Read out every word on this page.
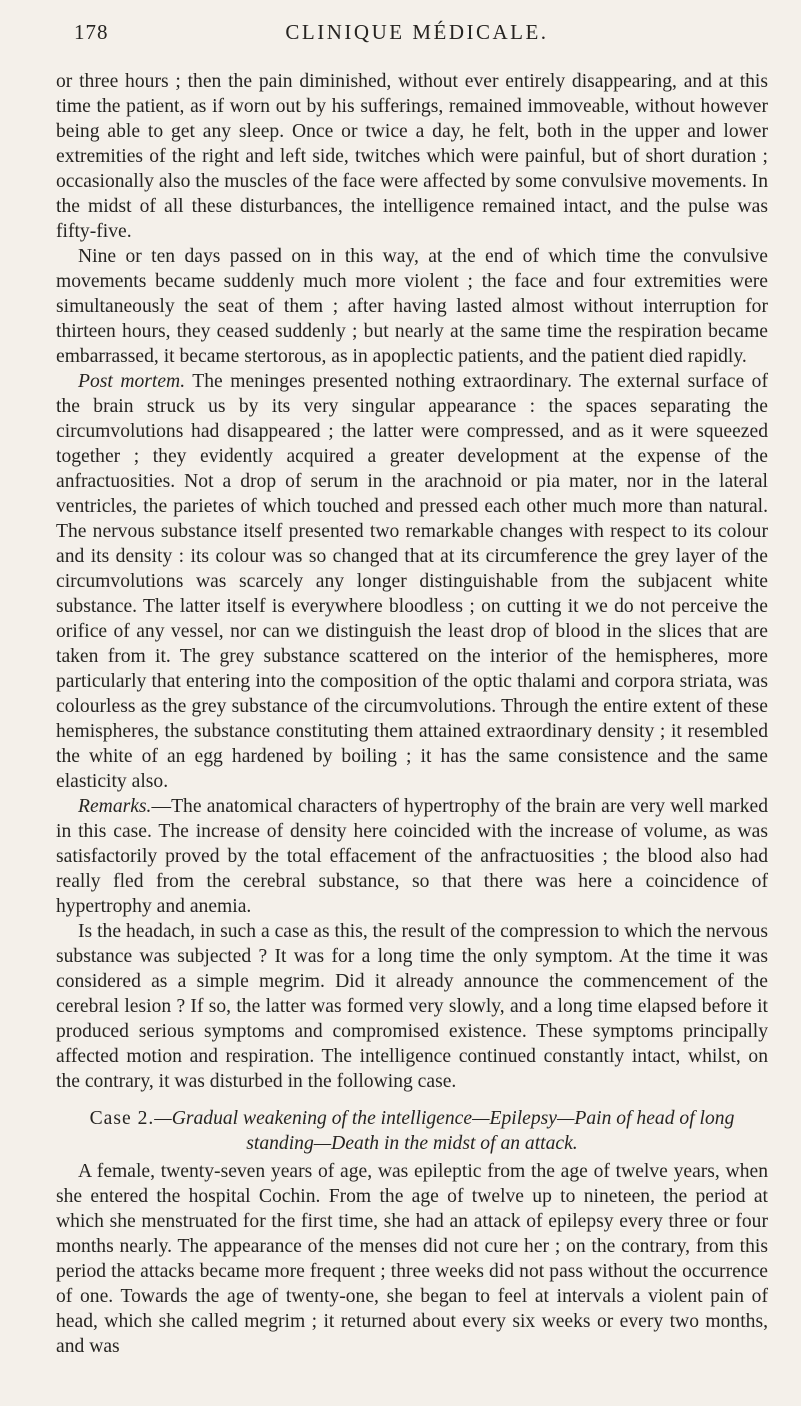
178	CLINIQUE MÉDICALE.

or three hours ; then the pain diminished, without ever entirely disappearing, and at this time the patient, as if worn out by his sufferings, remained immoveable, without however being able to get any sleep. Once or twice a day, he felt, both in the upper and lower extremities of the right and left side, twitches which were painful, but of short duration ; occasionally also the muscles of the face were affected by some convulsive movements. In the midst of all these disturbances, the intelligence remained intact, and the pulse was fifty-five.

Nine or ten days passed on in this way, at the end of which time the convulsive movements became suddenly much more violent ; the face and four extremities were simultaneously the seat of them ; after having lasted almost without interruption for thirteen hours, they ceased suddenly ; but nearly at the same time the respiration became embarrassed, it became stertorous, as in apoplectic patients, and the patient died rapidly.

Post mortem. The meninges presented nothing extraordinary. The external surface of the brain struck us by its very singular appearance : the spaces separating the circumvolutions had disappeared ; the latter were compressed, and as it were squeezed together ; they evidently acquired a greater development at the expense of the anfractuosities. Not a drop of serum in the arachnoid or pia mater, nor in the lateral ventricles, the parietes of which touched and pressed each other much more than natural. The nervous substance itself presented two remarkable changes with respect to its colour and its density : its colour was so changed that at its circumference the grey layer of the circumvolutions was scarcely any longer distinguishable from the subjacent white substance. The latter itself is everywhere bloodless ; on cutting it we do not perceive the orifice of any vessel, nor can we distinguish the least drop of blood in the slices that are taken from it. The grey substance scattered on the interior of the hemispheres, more particularly that entering into the composition of the optic thalami and corpora striata, was colourless as the grey substance of the circumvolutions. Through the entire extent of these hemispheres, the substance constituting them attained extraordinary density ; it resembled the white of an egg hardened by boiling ; it has the same consistence and the same elasticity also.

Remarks.—The anatomical characters of hypertrophy of the brain are very well marked in this case. The increase of density here coincided with the increase of volume, as was satisfactorily proved by the total effacement of the anfractuosities ; the blood also had really fled from the cerebral substance, so that there was here a coincidence of hypertrophy and anemia.

Is the headach, in such a case as this, the result of the compression to which the nervous substance was subjected ? It was for a long time the only symptom. At the time it was considered as a simple megrim. Did it already announce the commencement of the cerebral lesion ? If so, the latter was formed very slowly, and a long time elapsed before it produced serious symptoms and compromised existence. These symptoms principally affected motion and respiration. The intelligence continued constantly intact, whilst, on the contrary, it was disturbed in the following case.

Case 2.—Gradual weakening of the intelligence—Epilepsy—Pain of head of long standing—Death in the midst of an attack.

A female, twenty-seven years of age, was epileptic from the age of twelve years, when she entered the hospital Cochin. From the age of twelve up to nineteen, the period at which she menstruated for the first time, she had an attack of epilepsy every three or four months nearly. The appearance of the menses did not cure her ; on the contrary, from this period the attacks became more frequent ; three weeks did not pass without the occurrence of one. Towards the age of twenty-one, she began to feel at intervals a violent pain of head, which she called megrim ; it returned about every six weeks or every two months, and was
